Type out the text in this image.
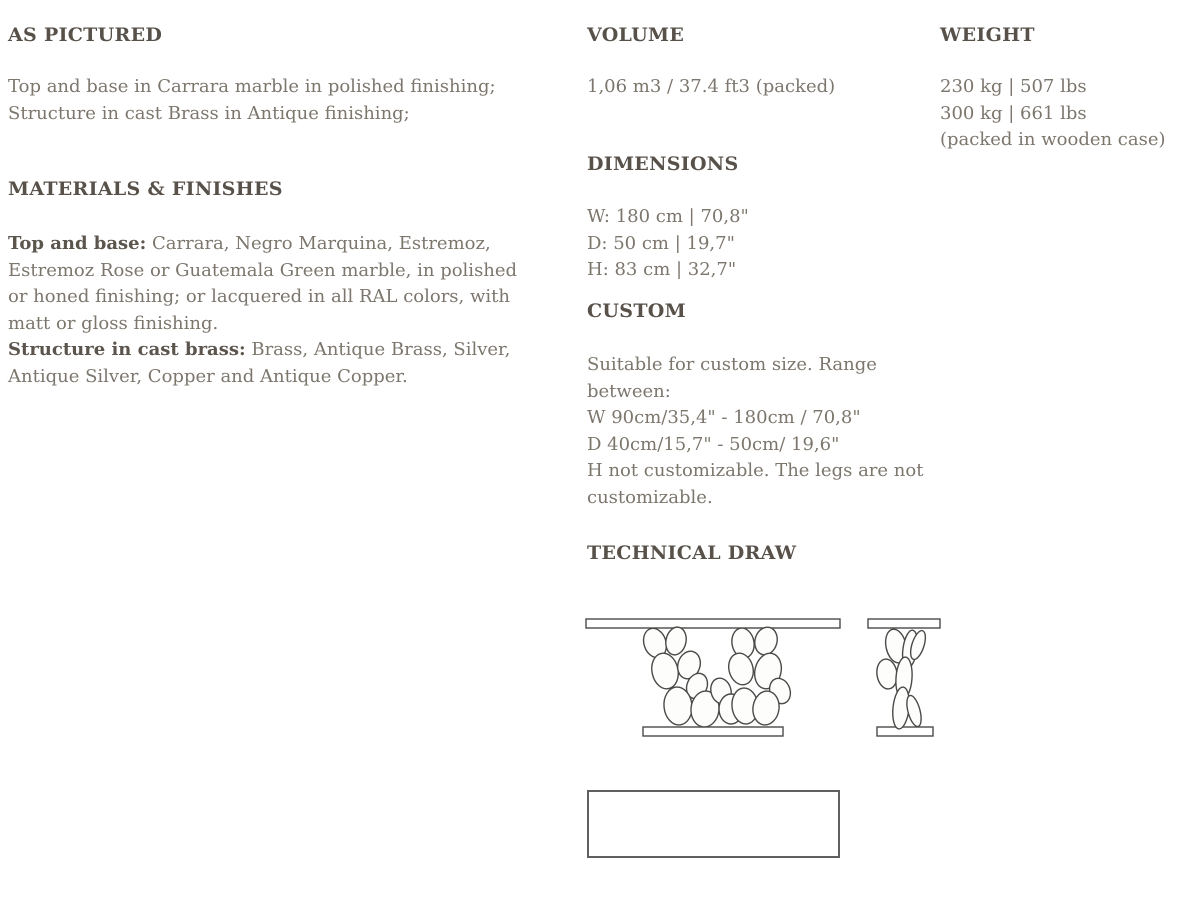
AS PICTURED
Top and base in Carrara marble in polished finishing;
Structure in cast Brass in Antique finishing;
MATERIALS & FINISHES
Top and base: Carrara, Negro Marquina, Estremoz,
Estremoz Rose or Guatemala Green marble, in polished
or honed finishing; or lacquered in all RAL colors, with
matt or gloss finishing.
Structure in cast brass: Brass, Antique Brass, Silver,
Antique Silver, Copper and Antique Copper.
VOLUME
1,06 m3 / 37.4 ft3 (packed)
DIMENSIONS
W: 180 cm | 70,8"
D: 50 cm | 19,7"
H: 83 cm | 32,7"
CUSTOM
Suitable for custom size. Range
between:
W 90cm/35,4" - 180cm / 70,8"
D 40cm/15,7" - 50cm/ 19,6"
H not customizable. The legs are not
customizable.
TECHNICAL DRAW
WEIGHT
230 kg | 507 lbs
300 kg | 661 lbs
(packed in wooden case)
